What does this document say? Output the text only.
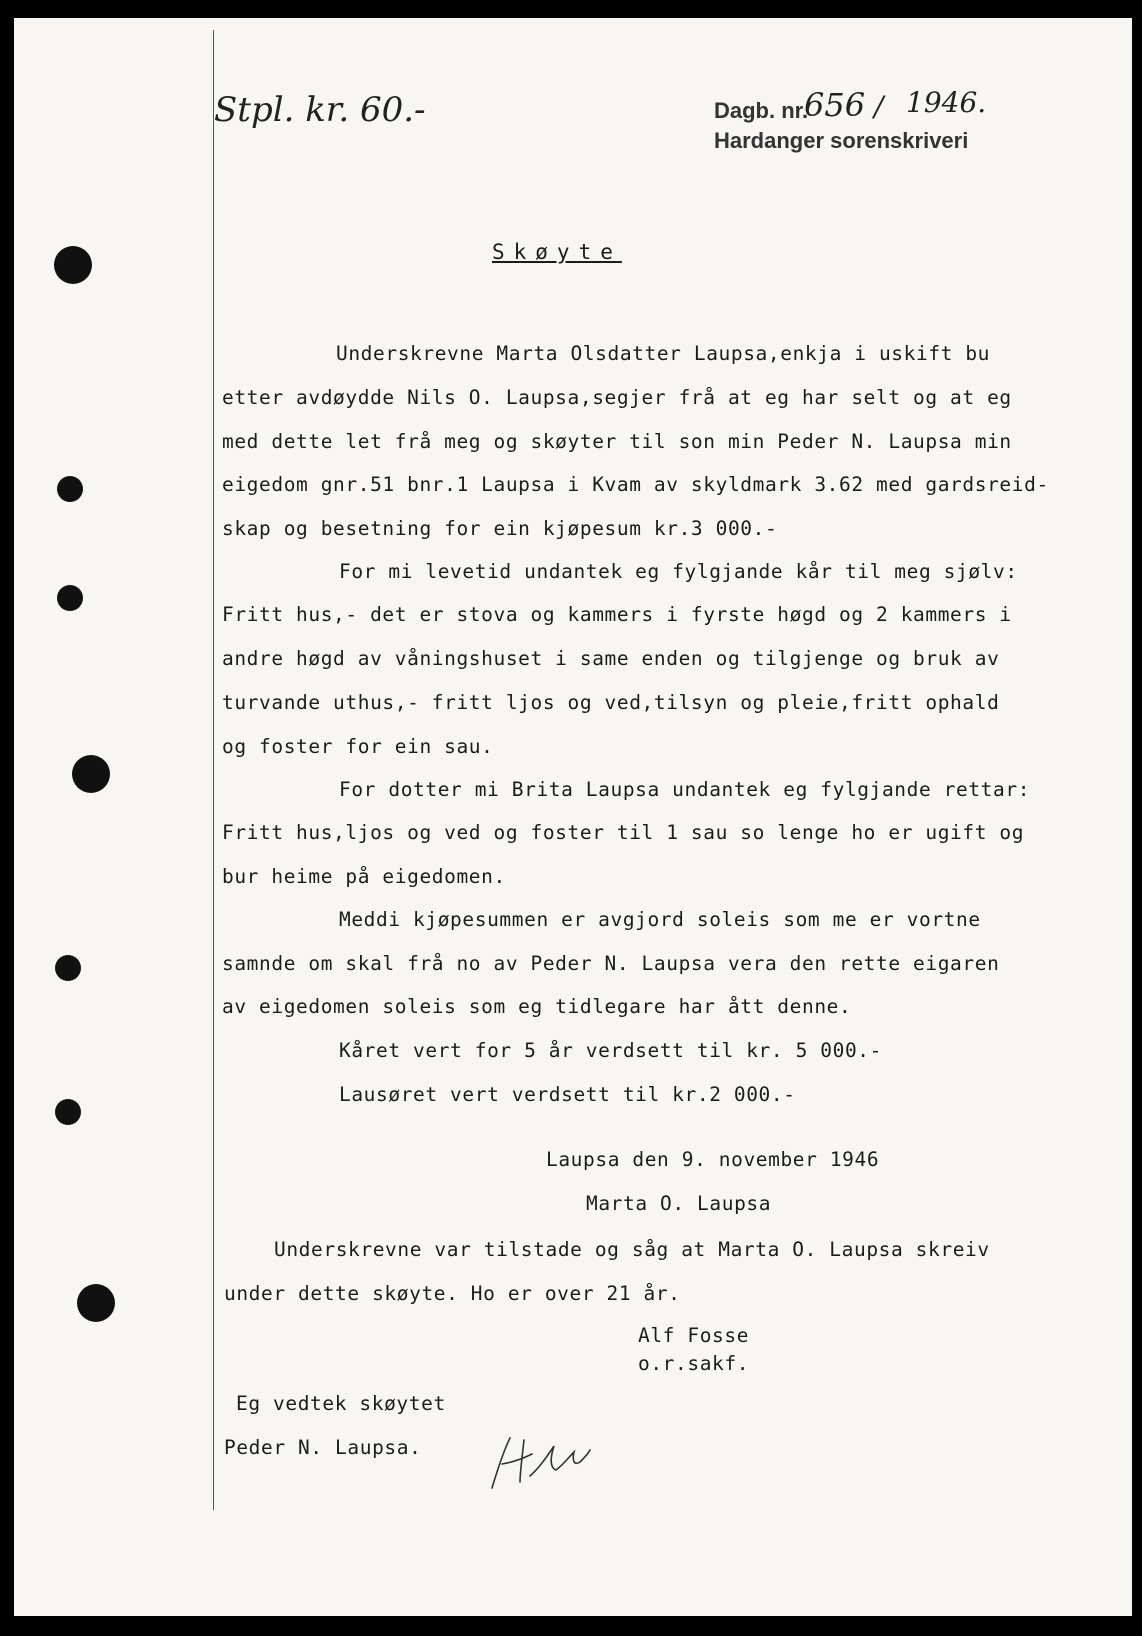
Stpl. kr. 60.-	Dagb. nr.
656 / 1946.
Hardanger sorenskriveri
Skøyte
Underskrevne Marta Olsdatter Laupsa,enkja i uskift bu
etter avdøydde Nils O. Laupsa,segjer frå at eg har selt og at eg
med dette let frå meg og skøyter til son min Peder N. Laupsa min
eigedom gnr.51 bnr.1 Laupsa i Kvam av skyldmark 3.62 med gardsreid-
skap og besetning for ein kjøpesum kr.3 000.-
For mi levetid undantek eg fylgjande kår til meg sjølv:
Fritt hus,- det er stova og kammers i fyrste høgd og 2 kammers i
andre høgd av våningshuset i same enden og tilgjenge og bruk av
turvande uthus,- fritt ljos og ved,tilsyn og pleie,fritt ophald
og foster for ein sau.
For dotter mi Brita Laupsa undantek eg fylgjande rettar:
Fritt hus,ljos og ved og foster til 1 sau so lenge ho er ugift og
bur heime på eigedomen.
Meddi kjøpesummen er avgjord soleis som me er vortne
samnde om skal frå no av Peder N. Laupsa vera den rette eigaren
av eigedomen soleis som eg tidlegare har ått denne.
Kåret vert for 5 år verdsett til kr. 5 000.-
Lausøret vert verdsett til kr.2 000.-
Laupsa den 9. november 1946
Marta O. Laupsa
Underskrevne var tilstade og såg at Marta O. Laupsa skreiv
under dette skøyte. Ho er over 21 år.
Alf Fosse
o.r.sakf.
Eg vedtek skøytet
Peder N. Laupsa.
